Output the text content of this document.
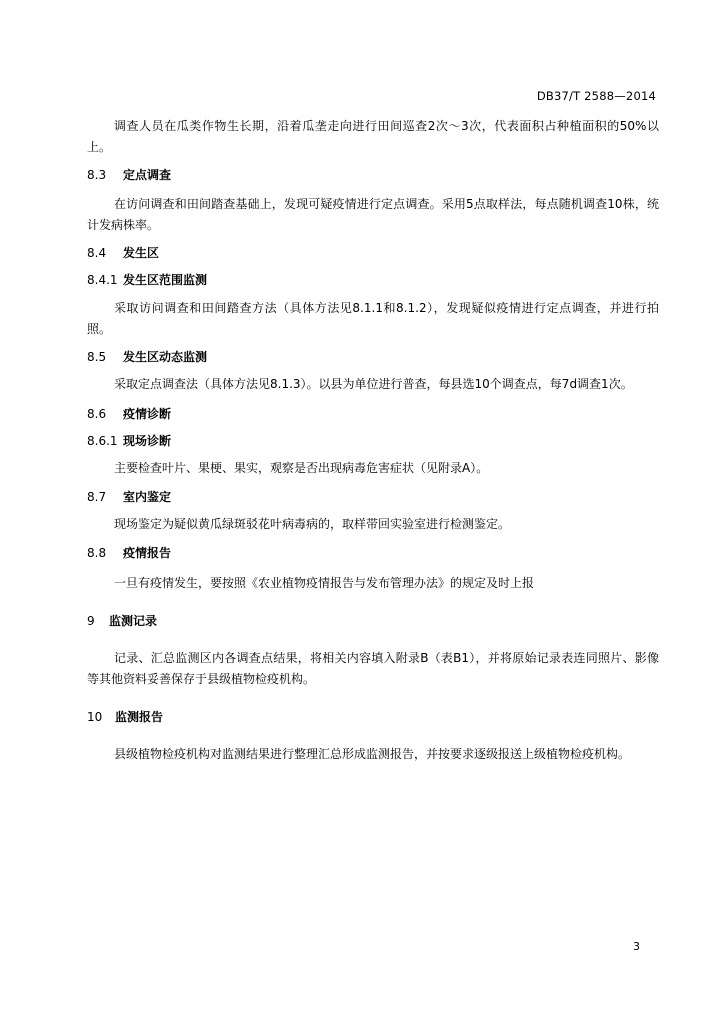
DB37/T 2588—2014
调查人员在瓜类作物生长期，沿着瓜垄走向进行田间巡查2次～3次，代表面积占种植面积的50%以上。
8.3 定点调查
在访问调查和田间踏查基础上，发现可疑疫情进行定点调查。采用5点取样法，每点随机调查10株，统计发病株率。
8.4 发生区
8.4.1 发生区范围监测
采取访问调查和田间踏查方法（具体方法见8.1.1和8.1.2），发现疑似疫情进行定点调查，并进行拍照。
8.5 发生区动态监测
采取定点调查法（具体方法见8.1.3）。以县为单位进行普查，每县选10个调查点，每7d调查1次。
8.6 疫情诊断
8.6.1 现场诊断
主要检查叶片、果梗、果实，观察是否出现病毒危害症状（见附录A）。
8.7 室内鉴定
现场鉴定为疑似黄瓜绿斑驳花叶病毒病的，取样带回实验室进行检测鉴定。
8.8 疫情报告
一旦有疫情发生，要按照《农业植物疫情报告与发布管理办法》的规定及时上报
9 监测记录
记录、汇总监测区内各调查点结果，将相关内容填入附录B（表B1），并将原始记录表连同照片、影像等其他资料妥善保存于县级植物检疫机构。
10 监测报告
县级植物检疫机构对监测结果进行整理汇总形成监测报告，并按要求逐级报送上级植物检疫机构。
3
